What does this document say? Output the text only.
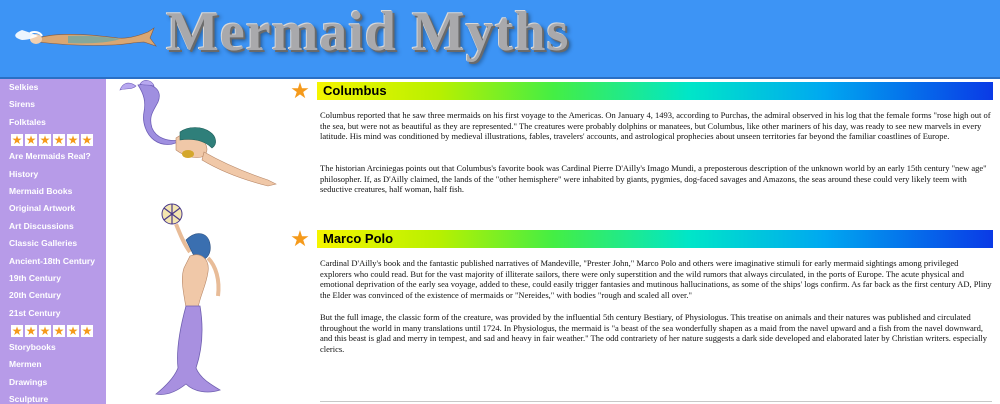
Mermaid Myths
Selkies
Sirens
Folktales
★ ★ ★ ★ ★ ★
Are Mermaids Real?
History
Mermaid Books
Original Artwork
Art Discussions
Classic Galleries
Ancient-18th Century
19th Century
20th Century
21st Century
★ ★ ★ ★ ★ ★
Storybooks
Mermen
Drawings
Sculpture
★ Columbus

Columbus reported that he saw three mermaids on his first voyage to the Americas. On January 4, 1493, according to Purchas, the admiral observed in his log that the female forms "rose high out of the sea, but were not as beautiful as they are represented." The creatures were probably dolphins or manatees, but Columbus, like other mariners of his day, was ready to see new marvels in every latitude. His mind was conditioned by medieval illustrations, fables, travelers' accounts, and astrological prophecies about unseen territories far beyond the familiar coastlines of Europe.

The historian Arciniegas points out that Columbus's favorite book was Cardinal Pierre D'Ailly's Imago Mundi, a preposterous description of the unknown world by an early 15th century "new age" philosopher. If, as D'Ailly claimed, the lands of the "other hemisphere" were inhabited by giants, pygmies, dog-faced savages and Amazons, the seas around these could very likely teem with seductive creatures, half woman, half fish.

★ Marco Polo

Cardinal D'Ailly's book and the fantastic published narratives of Mandeville, "Prester John," Marco Polo and others were imaginative stimuli for early mermaid sightings among privileged explorers who could read. But for the vast majority of illiterate sailors, there were only superstition and the wild rumors that always circulated, in the ports of Europe. The acute physical and emotional deprivation of the early sea voyage, added to these, could easily trigger fantasies and mutinous hallucinations, as some of the ships' logs confirm. As far back as the first century AD, Pliny the Elder was convinced of the existence of mermaids or "Nereides," with bodies "rough and scaled all over."

But the full image, the classic form of the creature, was provided by the influential 5th century Bestiary, of Physiologus. This treatise on animals and their natures was published and circulated throughout the world in many translations until 1724. In Physiologus, the mermaid is "a beast of the sea wonderfully shapen as a maid from the navel upward and a fish from the navel downward, and this beast is glad and merry in tempest, and sad and heavy in fair weather." The odd contrariety of her nature suggests a dark side developed and elaborated later by Christian writers. especially clerics.
